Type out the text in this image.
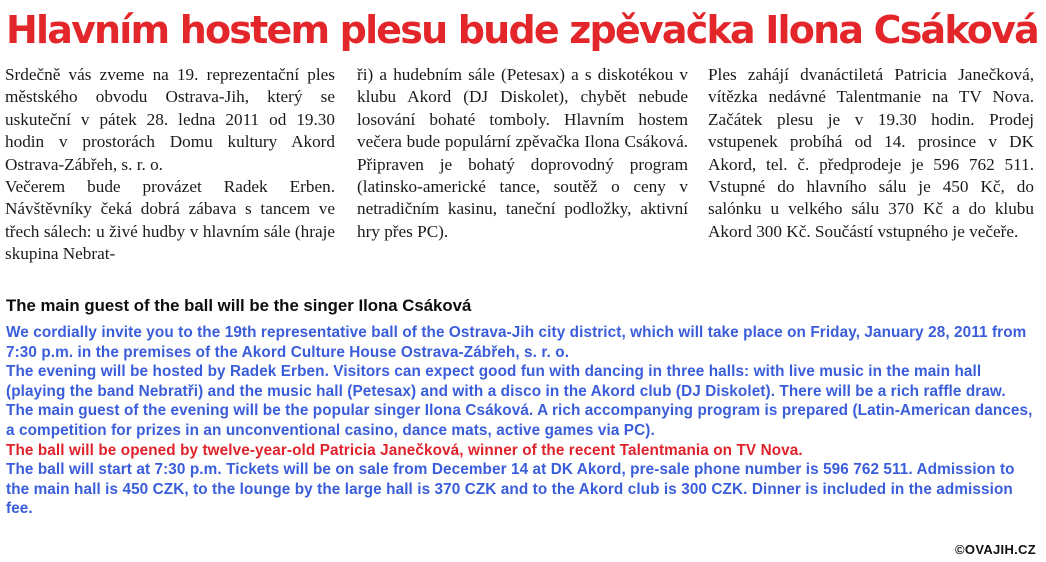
Hlavním hostem plesu bude zpěvačka Ilona Csáková

Srdečně vás zveme na 19. reprezentační ples městského obvodu Ostrava-Jih, který se uskuteční v pátek 28. ledna 2011 od 19.30 hodin v prostorách Domu kultury Akord Ostrava-Zábřeh, s. r. o.

Večerem bude provázet Radek Erben. Návštěvníky čeká dobrá zábava s tancem ve třech sálech: u živé hudby v hlavním sále (hraje skupina Nebrat-

ři) a hudebním sále (Petesax) a s diskotékou v klubu Akord (DJ Diskolet), chybět nebude losování bohaté tomboly. Hlavním hostem večera bude populární zpěvačka Ilona Csáková. Připraven je bohatý doprovodný program (latinsko-americké tance, soutěž o ceny v netradičním kasinu, taneční podložky, aktivní hry přes PC).

Ples zahájí dvanáctiletá Patricia Janečková, vítězka nedávné Talentmanie na TV Nova. Začátek plesu je v 19.30 hodin. Prodej vstupenek probíhá od 14. prosince v DK Akord, tel. č. předprodeje je 596 762 511. Vstupné do hlavního sálu je 450 Kč, do salónku u velkého sálu 370 Kč a do klubu Akord 300 Kč. Součástí vstupného je večeře.

The main guest of the ball will be the singer Ilona Csáková

We cordially invite you to the 19th representative ball of the Ostrava-Jih city district, which will take place on Friday, January 28, 2011 from 7:30 p.m. in the premises of the Akord Culture House Ostrava-Zábřeh, s. r. o.

The evening will be hosted by Radek Erben. Visitors can expect good fun with dancing in three halls: with live music in the main hall (playing the band Nebratři) and the music hall (Petesax) and with a disco in the Akord club (DJ Diskolet). There will be a rich raffle draw.

The main guest of the evening will be the popular singer Ilona Csáková. A rich accompanying program is prepared (Latin-American dances, a competition for prizes in an unconventional casino, dance mats, active games via PC).

The ball will be opened by twelve-year-old Patricia Janečková, winner of the recent Talentmania on TV Nova.

The ball will start at 7:30 p.m. Tickets will be on sale from December 14 at DK Akord, pre-sale phone number is 596 762 511. Admission to the main hall is 450 CZK, to the lounge by the large hall is 370 CZK and to the Akord club is 300 CZK. Dinner is included in the admission fee.

©OVAJIH.CZ
